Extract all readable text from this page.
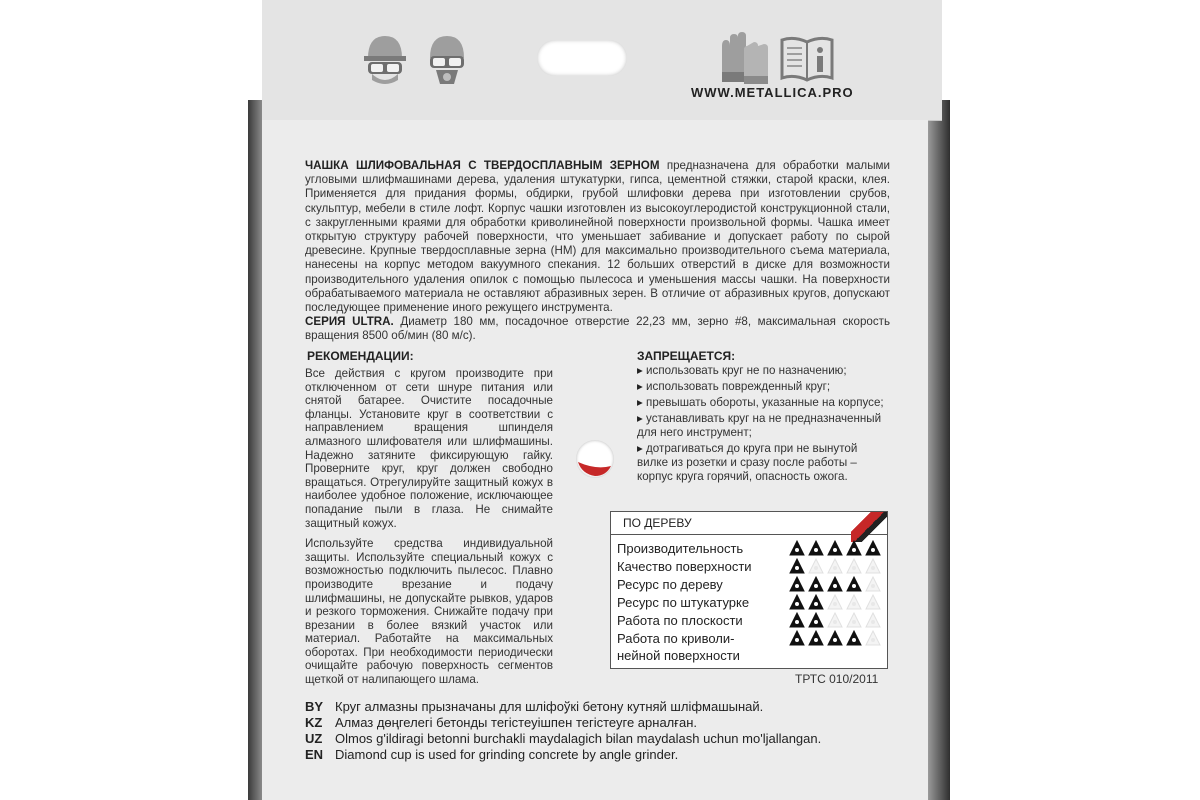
WWW.METALLICA.PRO
ЧАШКА ШЛИФОВАЛЬНАЯ С ТВЕРДОСПЛАВНЫМ ЗЕРНОМ предназначена для обработки малыми угловыми шлифмашинами дерева, удаления штукатурки, гипса, цементной стяжки, старой краски, клея. Применяется для придания формы, обдирки, грубой шлифовки дерева при изготовлении срубов, скульптур, мебели в стиле лофт. Корпус чашки изготовлен из высокоуглеродистой конструкционной стали, с закругленными краями для обработки криволинейной поверхности произвольной формы. Чашка имеет открытую структуру рабочей поверхности, что уменьшает забивание и допускает работу по сырой древесине. Крупные твердосплавные зерна (HM) для максимально производительного съема материала, нанесены на корпус методом вакуумного спекания. 12 больших отверстий в диске для возможности производительного удаления опилок с помощью пылесоса и уменьшения массы чашки. На поверхности обрабатываемого материала не оставляют абразивных зерен. В отличие от абразивных кругов, допускают последующее применение иного режущего инструмента.
СЕРИЯ ULTRA. Диаметр 180 мм, посадочное отверстие 22,23 мм, зерно #8, максимальная скорость вращения 8500 об/мин (80 м/с).
РЕКОМЕНДАЦИИ:

Все действия с кругом производите при отключенном от сети шнуре питания или снятой батарее. Очистите посадочные фланцы. Установите круг в соответствии с направлением вращения шпинделя алмазного шлифователя или шлифмашины. Надежно затяните фиксирующую гайку. Проверните круг, круг должен свободно вращаться. Отрегулируйте защитный кожух в наиболее удобное положение, исключающее попадание пыли в глаза. Не снимайте защитный кожух.

Используйте средства индивидуальной защиты. Используйте специальный кожух с возможностью подключить пылесос. Плавно производите врезание и подачу шлифмашины, не допускайте рывков, ударов и резкого торможения. Снижайте подачу при врезании в более вязкий участок или материал. Работайте на максимальных оборотах. При необходимости периодически очищайте рабочую поверхность сегментов щеткой от налипающего шлама.

ЗАПРЕЩАЕТСЯ:
▸ использовать круг не по назначению;
▸ использовать поврежденный круг;
▸ превышать обороты, указанные на корпусе;
▸ устанавливать круг на не предназначенный для него инструмент;
▸ дотрагиваться до круга при не вынутой вилке из розетки и сразу после работы – корпус круга горячий, опасность ожога.
ПО ДЕРЕВУ
Производительность
Качество поверхности
Ресурс по дереву
Ресурс по штукатурке
Работа по плоскости
Работа по криволи-
нейной поверхности
ТРТС 010/2011
BY Круг алмазны прызначаны для шліфоўкі бетону кутняй шліфмашынай.
KZ Алмаз дөңгелегі бетонды тегістеуішпен тегістеуге арналған.
UZ Olmos g'ildiragi betonni burchakli maydalagich bilan maydalash uchun mo'ljallangan.
EN Diamond cup is used for grinding concrete by angle grinder.
